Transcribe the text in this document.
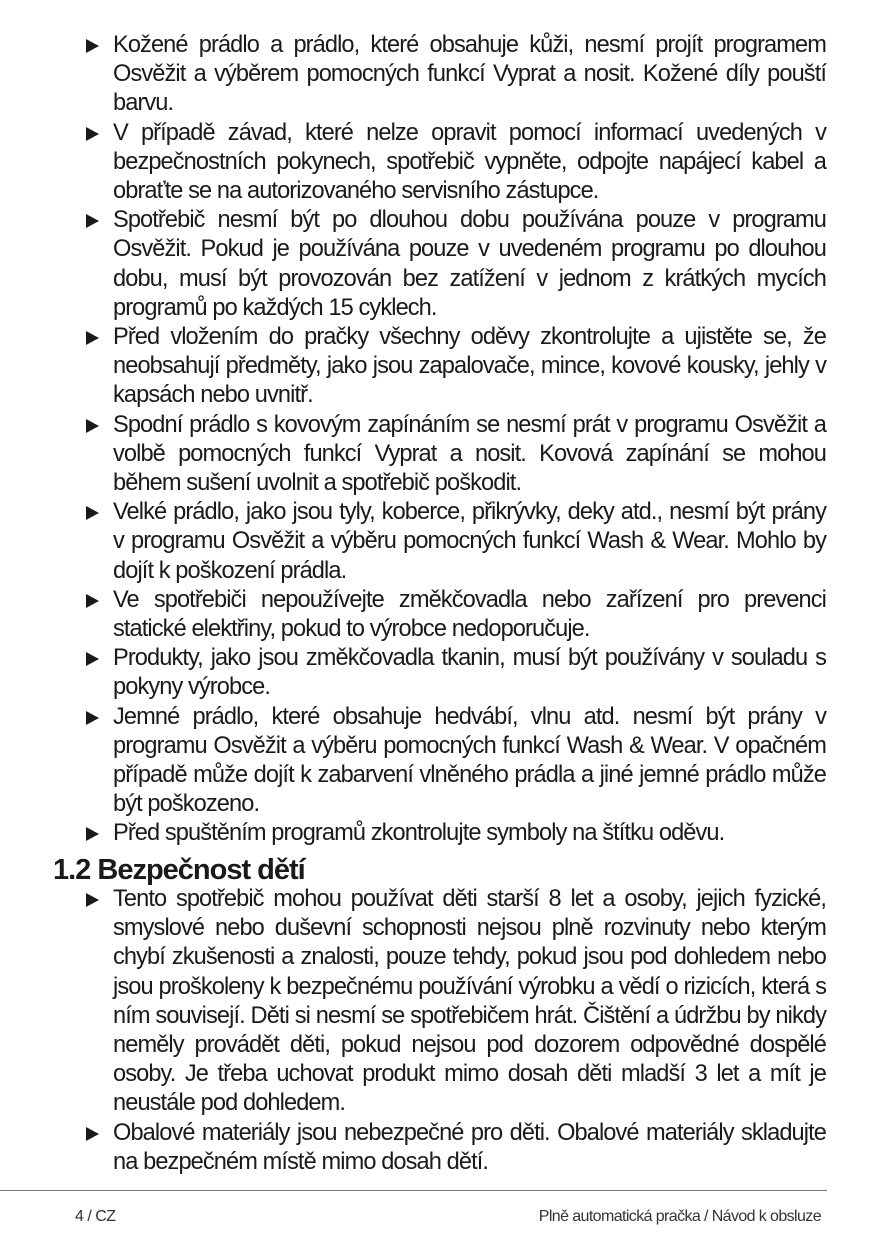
Kožené prádlo a prádlo, které obsahuje kůži, nesmí projít programem Osvěžit a výběrem pomocných funkcí Vyprat a nosit. Kožené díly pouští barvu.
V případě závad, které nelze opravit pomocí informací uvedených v bezpečnostních pokynech, spotřebič vypněte, odpojte napájecí kabel a obraťte se na autorizovaného servisního zástupce.
Spotřebič nesmí být po dlouhou dobu používána pouze v programu Osvěžit. Pokud je používána pouze v uvedeném programu po dlouhou dobu, musí být provozován bez zatížení v jednom z krátkých mycích programů po každých 15 cyklech.
Před vložením do pračky všechny oděvy zkontrolujte a ujistěte se, že neobsahují předměty, jako jsou zapalovače, mince, kovové kousky, jehly v kapsách nebo uvnitř.
Spodní prádlo s kovovým zapínáním se nesmí prát v programu Osvěžit a volbě pomocných funkcí Vyprat a nosit. Kovová zapínání se mohou během sušení uvolnit a spotřebič poškodit.
Velké prádlo, jako jsou tyly, koberce, přikrývky, deky atd., nesmí být prány v programu Osvěžit a výběru pomocných funkcí Wash & Wear. Mohlo by dojít k poškození prádla.
Ve spotřebiči nepoužívejte změkčovadla nebo zařízení pro prevenci statické elektřiny, pokud to výrobce nedoporučuje.
Produkty, jako jsou změkčovadla tkanin, musí být používány v souladu s pokyny výrobce.
Jemné prádlo, které obsahuje hedvábí, vlnu atd. nesmí být prány v programu Osvěžit a výběru pomocných funkcí Wash & Wear. V opačném případě může dojít k zabarvení vlněného prádla a jiné jemné prádlo může být poškozeno.
Před spuštěním programů zkontrolujte symboly na štítku oděvu.
1.2 Bezpečnost dětí
Tento spotřebič mohou používat děti starší 8 let a osoby, jejich fyzické, smyslové nebo duševní schopnosti nejsou plně rozvinuty nebo kterým chybí zkušenosti a znalosti, pouze tehdy, pokud jsou pod dohledem nebo jsou proškoleny k bezpečnému používání výrobku a vědí o rizicích, která s ním souvisejí. Děti si nesmí se spotřebičem hrát. Čištění a údržbu by nikdy neměly provádět děti, pokud nejsou pod dozorem odpovědné dospělé osoby. Je třeba uchovat produkt mimo dosah děti mladší 3 let a mít je neustále pod dohledem.
Obalové materiály jsou nebezpečné pro děti. Obalové materiály skladujte na bezpečném místě mimo dosah dětí.
4 / CZ	Plně automatická pračka / Návod k obsluze
